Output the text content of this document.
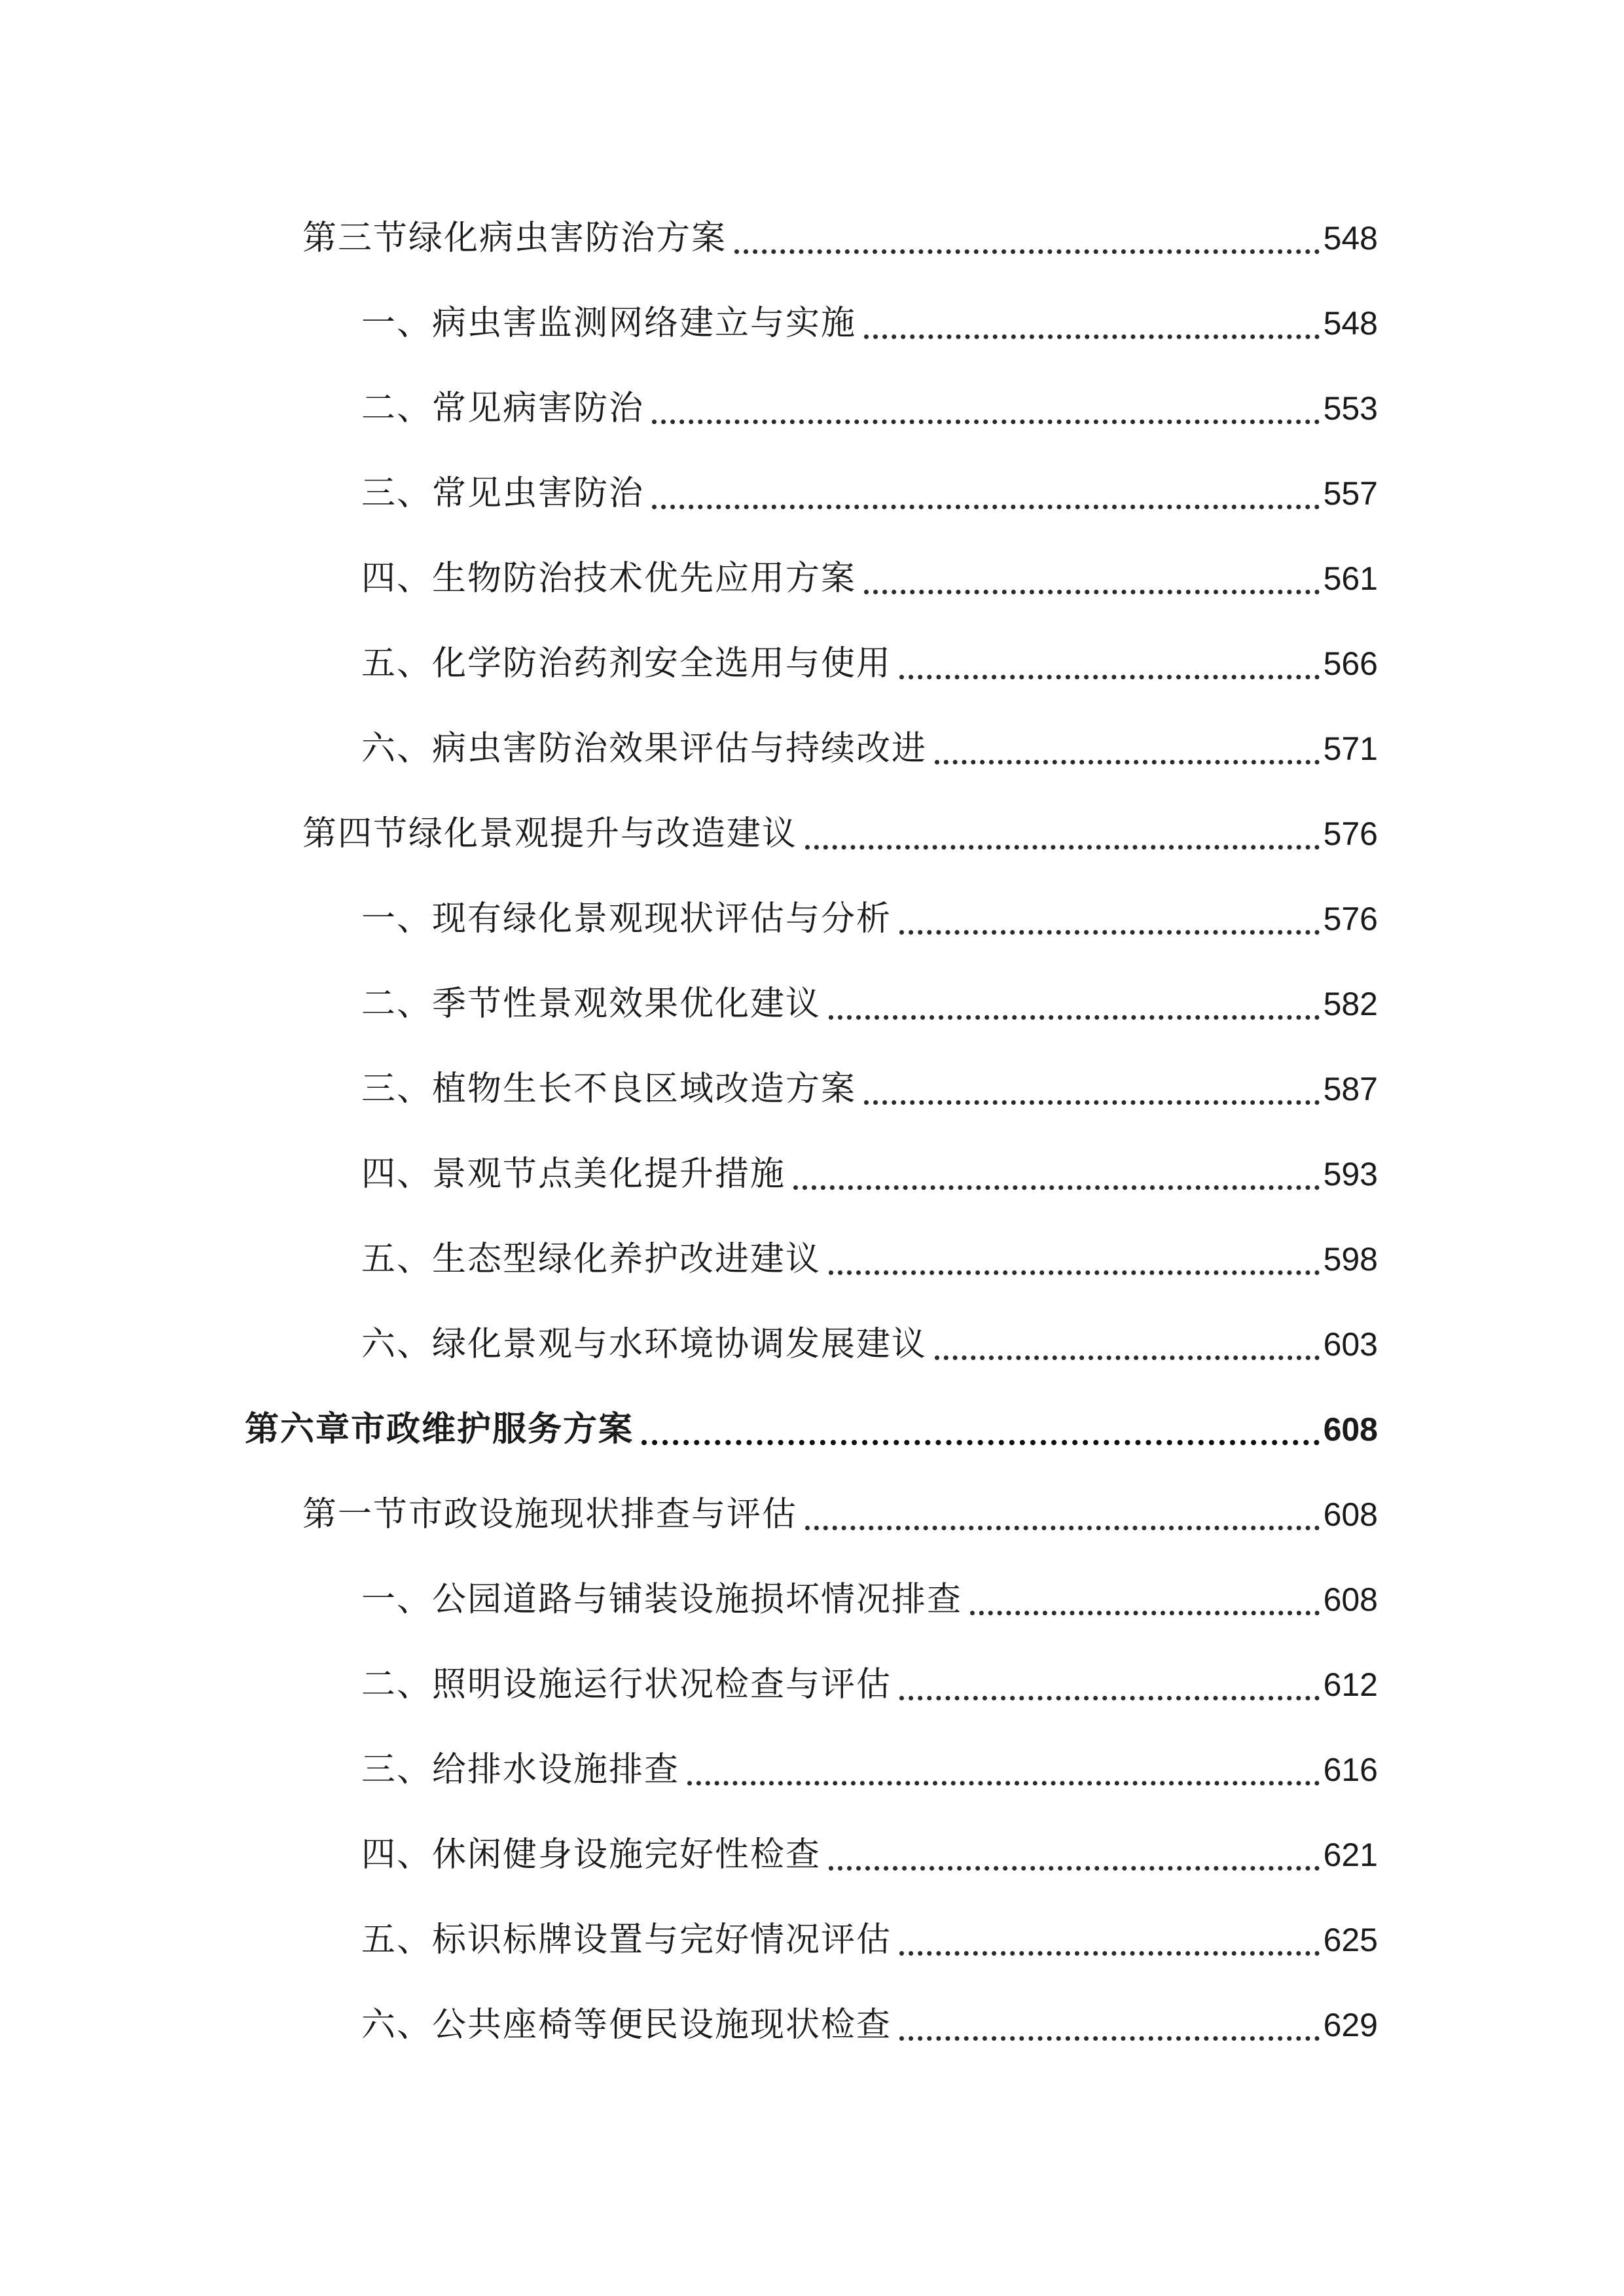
第三节绿化病虫害防治方案	548
一、病虫害监测网络建立与实施	548
二、常见病害防治	553
三、常见虫害防治	557
四、生物防治技术优先应用方案	561
五、化学防治药剂安全选用与使用	566
六、病虫害防治效果评估与持续改进	571
第四节绿化景观提升与改造建议	576
一、现有绿化景观现状评估与分析	576
二、季节性景观效果优化建议	582
三、植物生长不良区域改造方案	587
四、景观节点美化提升措施	593
五、生态型绿化养护改进建议	598
六、绿化景观与水环境协调发展建议	603
第六章市政维护服务方案	608
第一节市政设施现状排查与评估	608
一、公园道路与铺装设施损坏情况排查	608
二、照明设施运行状况检查与评估	612
三、给排水设施排查	616
四、休闲健身设施完好性检查	621
五、标识标牌设置与完好情况评估	625
六、公共座椅等便民设施现状检查	629
